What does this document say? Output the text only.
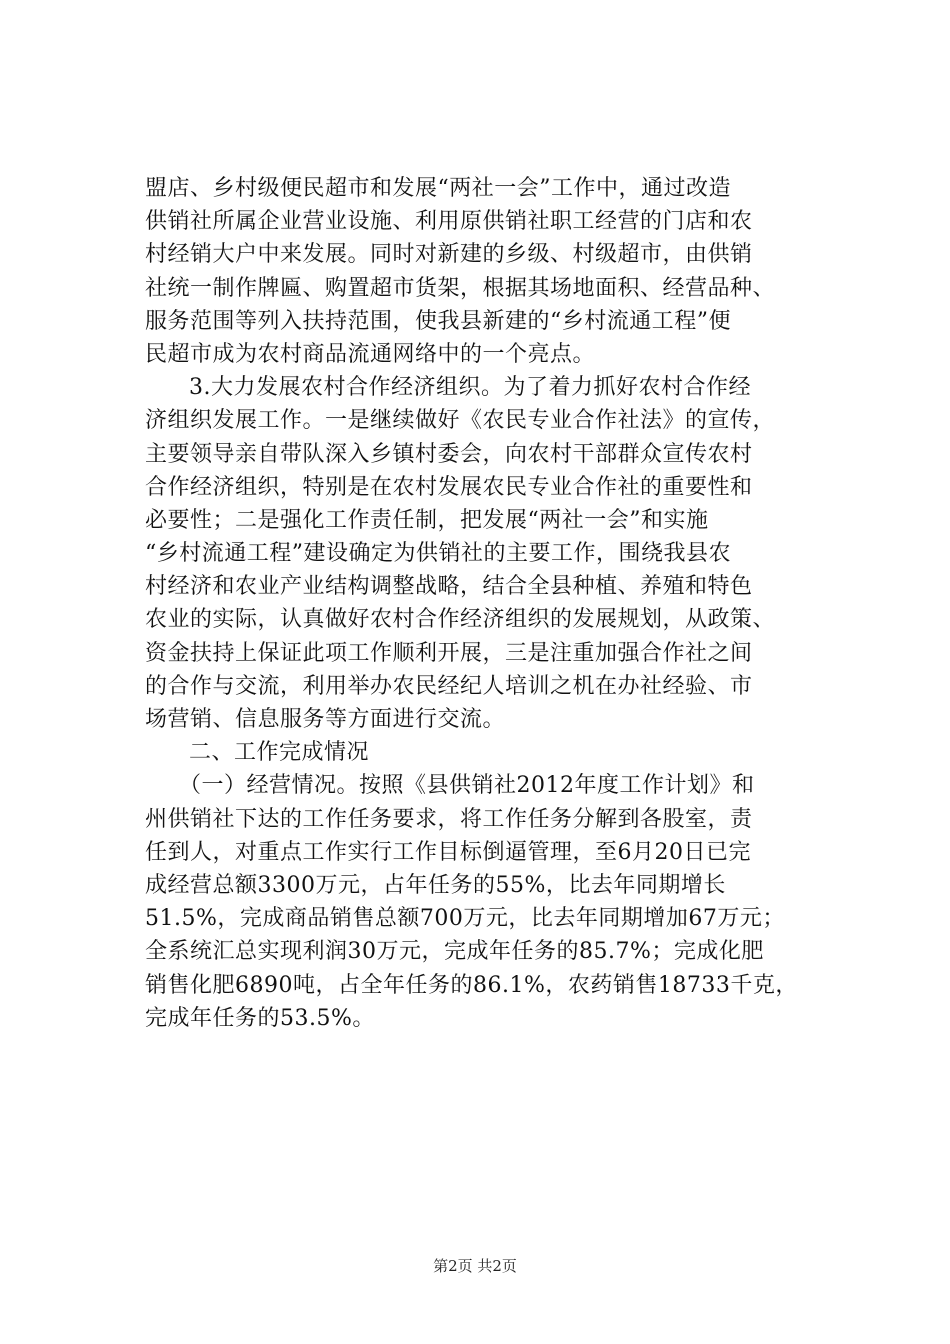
盟店、乡村级便民超市和发展“两社一会”工作中，通过改造
供销社所属企业营业设施、利用原供销社职工经营的门店和农
村经销大户中来发展。同时对新建的乡级、村级超市，由供销
社统一制作牌匾、购置超市货架，根据其场地面积、经营品种、
服务范围等列入扶持范围，使我县新建的“乡村流通工程”便
民超市成为农村商品流通网络中的一个亮点。
3.大力发展农村合作经济组织。为了着力抓好农村合作经
济组织发展工作。一是继续做好《农民专业合作社法》的宣传，
主要领导亲自带队深入乡镇村委会，向农村干部群众宣传农村
合作经济组织，特别是在农村发展农民专业合作社的重要性和
必要性；二是强化工作责任制，把发展“两社一会”和实施
“乡村流通工程”建设确定为供销社的主要工作，围绕我县农
村经济和农业产业结构调整战略，结合全县种植、养殖和特色
农业的实际，认真做好农村合作经济组织的发展规划，从政策、
资金扶持上保证此项工作顺利开展，三是注重加强合作社之间
的合作与交流，利用举办农民经纪人培训之机在办社经验、市
场营销、信息服务等方面进行交流。
二、工作完成情况
（一）经营情况。按照《县供销社2012年度工作计划》和
州供销社下达的工作任务要求，将工作任务分解到各股室，责
任到人，对重点工作实行工作目标倒逼管理，至6月20日已完
成经营总额3300万元，占年任务的55%，比去年同期增长
51.5%，完成商品销售总额700万元，比去年同期增加67万元；
全系统汇总实现利润30万元，完成年任务的85.7%；完成化肥
销售化肥6890吨，占全年任务的86.1%，农药销售18733千克，
完成年任务的53.5%。
第2页 共2页
